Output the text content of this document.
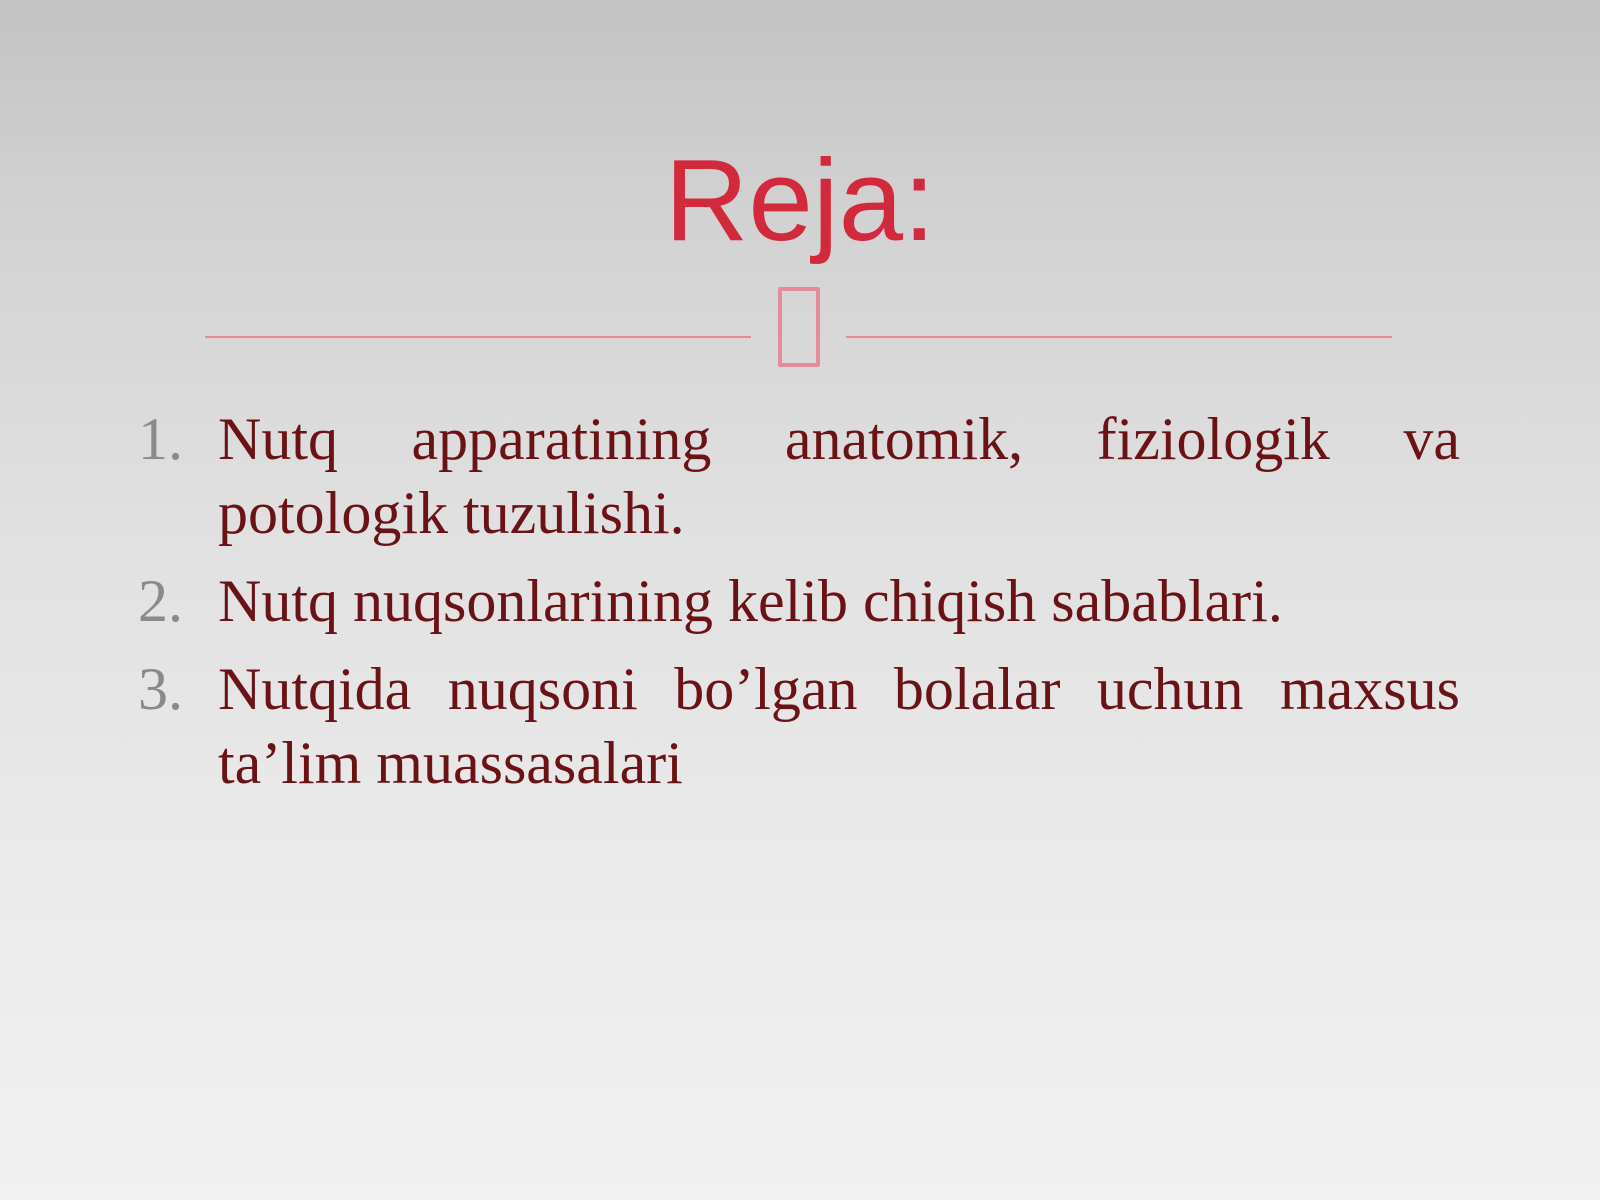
Reja:
1. Nutq apparatining anatomik, fiziologik va potologik tuzulishi.
2. Nutq nuqsonlarining kelib chiqish sabablari.
3. Nutqida nuqsoni bo’lgan bolalar uchun maxsus ta’lim muassasalari
